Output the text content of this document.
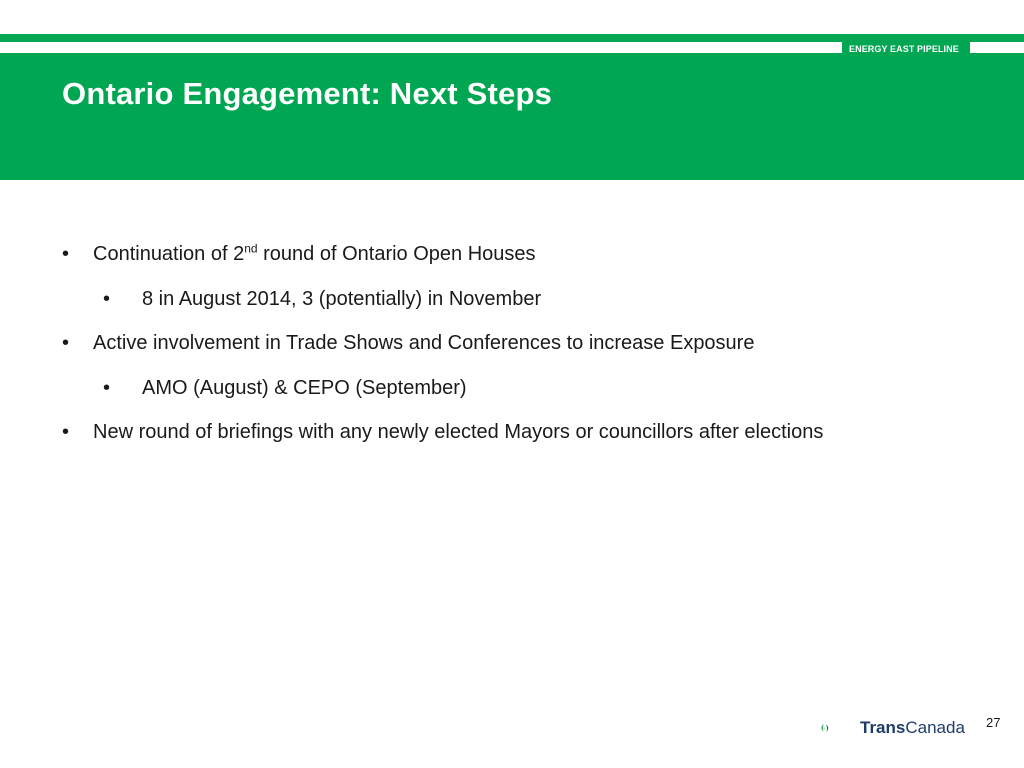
ENERGY EAST PIPELINE
Ontario Engagement: Next Steps
• Continuation of 2nd round of Ontario Open Houses
• 8 in August 2014, 3 (potentially) in November
• Active involvement in Trade Shows and Conferences to increase Exposure
• AMO (August) & CEPO (September)
• New round of briefings with any newly elected Mayors or councillors after elections
TransCanada 27
